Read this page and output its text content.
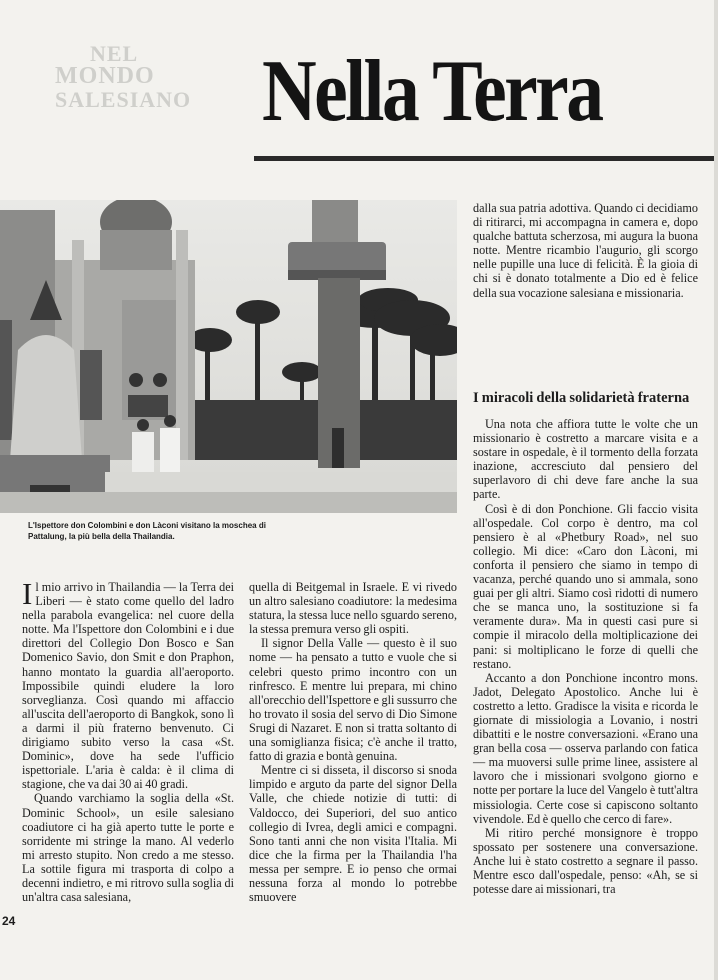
NEL
MONDO
SALESIANO Nella Terra
L'Ispettore don Colombini e don Làconi visitano la moschea di Pattalung, la più bella della Thailandia.

Il mio arrivo in Thailandia — la Terra dei Liberi — è stato come quello del ladro nella parabola evangelica: nel cuore della notte. Ma l'Ispettore don Colombini e i due direttori del Collegio Don Bosco e San Domenico Savio, don Smit e don Praphon, hanno montato la guardia all'aeroporto. Impossibile quindi eludere la loro sorveglianza. Così quando mi affaccio all'uscita dell'aeroporto di Bangkok, sono lì a darmi il più fraterno benvenuto. Ci dirigiamo subito verso la casa «St. Dominic», dove ha sede l'ufficio ispettoriale. L'aria è calda: è il clima di stagione, che va dai 30 ai 40 gradi.

Quando varchiamo la soglia della «St. Dominic School», un esile salesiano coadiutore ci ha già aperto tutte le porte e sorridente mi stringe la mano. Al vederlo mi arresto stupito. Non credo a me stesso. La sottile figura mi trasporta di colpo a decenni indietro, e mi ritrovo sulla soglia di un'altra casa salesiana,

quella di Beitgemal in Israele. E vi rivedo un altro salesiano coadiutore: la medesima statura, la stessa luce nello sguardo sereno, la stessa premura verso gli ospiti.

Il signor Della Valle — questo è il suo nome — ha pensato a tutto e vuole che si celebri questo primo incontro con un rinfresco. E mentre lui prepara, mi chino all'orecchio dell'Ispettore e gli sussurro che ho trovato il sosia del servo di Dio Simone Srugi di Nazaret. E non si tratta soltanto di una somiglianza fisica; c'è anche il tratto, fatto di grazia e bontà genuina.

Mentre ci si disseta, il discorso si snoda limpido e arguto da parte del signor Della Valle, che chiede notizie di tutti: di Valdocco, dei Superiori, del suo antico collegio di Ivrea, degli amici e compagni. Sono tanti anni che non visita l'Italia. Mi dice che la firma per la Thailandia l'ha messa per sempre. E io penso che ormai nessuna forza al mondo lo potrebbe smuovere

dalla sua patria adottiva. Quando ci decidiamo di ritirarci, mi accompagna in camera e, dopo qualche battuta scherzosa, mi augura la buona notte. Mentre ricambio l'augurio, gli scorgo nelle pupille una luce di felicità. È la gioia di chi si è donato totalmente a Dio ed è felice della sua vocazione salesiana e missionaria.

I miracoli della solidarietà fraterna

Una nota che affiora tutte le volte che un missionario è costretto a marcare visita e a sostare in ospedale, è il tormento della forzata inazione, accresciuto dal pensiero del superlavoro di chi deve fare anche la sua parte.

Così è di don Ponchione. Gli faccio visita all'ospedale. Col corpo è dentro, ma col pensiero è al «Phetbury Road», nel suo collegio. Mi dice: «Caro don Làconi, mi conforta il pensiero che siamo in tempo di vacanza, perché quando uno si ammala, sono guai per gli altri. Siamo così ridotti di numero che se manca uno, la sostituzione si fa veramente dura». Ma in questi casi pure si compie il miracolo della moltiplicazione dei pani: si moltiplicano le forze di quelli che restano.

Accanto a don Ponchione incontro mons. Jadot, Delegato Apostolico. Anche lui è costretto a letto. Gradisce la visita e ricorda le giornate di missiologia a Lovanio, i nostri dibattiti e le nostre conversazioni. «Erano una gran bella cosa — osserva parlando con fatica — ma muoversi sulle prime linee, assistere al lavoro che i missionari svolgono giorno e notte per portare la luce del Vangelo è tutt'altra missiologia. Certe cose si capiscono soltanto vivendole. Ed è quello che cerco di fare».

Mi ritiro perché monsignore è troppo spossato per sostenere una conversazione. Anche lui è stato costretto a segnare il passo. Mentre esco dall'ospedale, penso: «Ah, se si potesse dare ai missionari, tra

24
